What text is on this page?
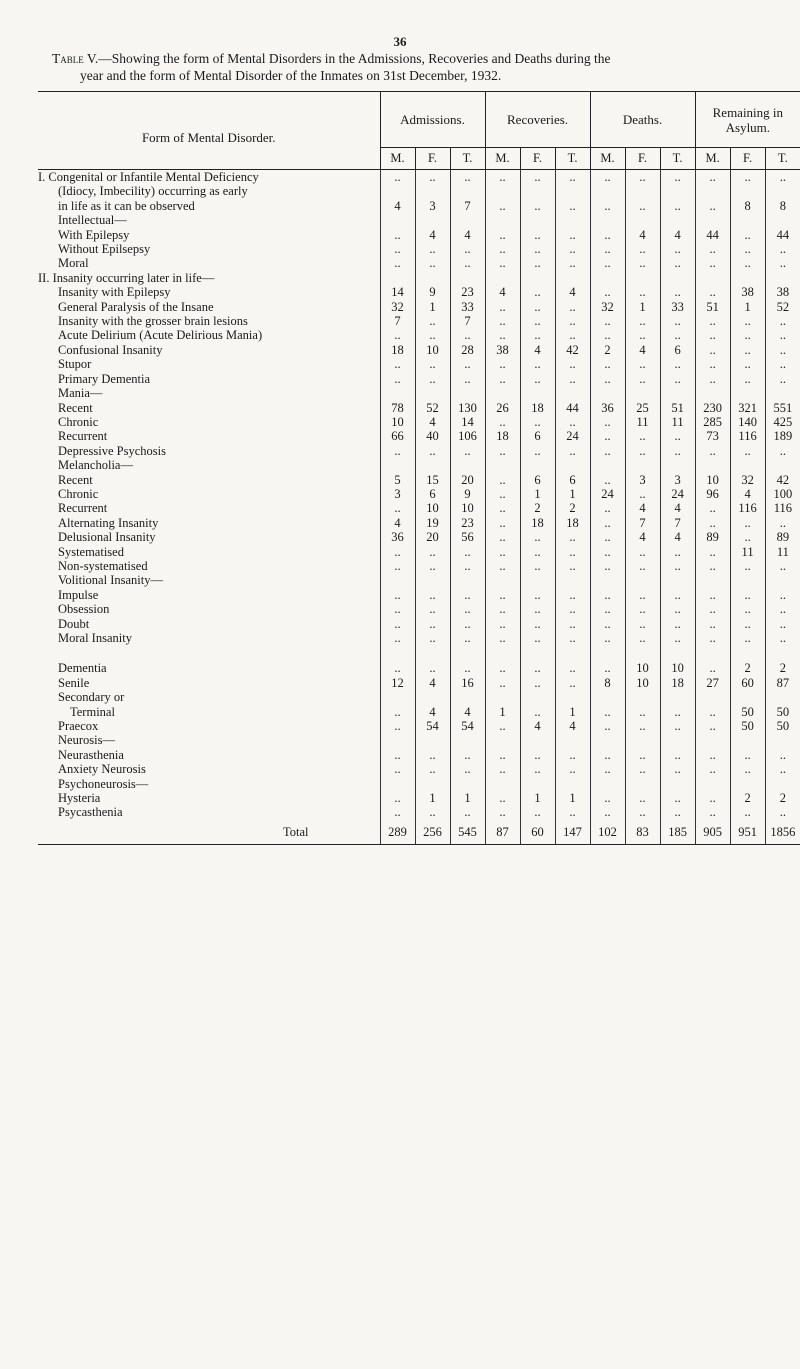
36
Table V.—Showing the form of Mental Disorders in the Admissions, Recoveries and Deaths during the
year and the form of Mental Disorder of the Inmates on 31st December, 1932.
Form of Mental Disorder.	Admissions.			Recoveries.			Deaths.			Remaining in Asylum.		
	M.	F.	T.	M.	F.	T.	M.	F.	T.	M.	F.	T.
I. Congenital or Infantile Mental Deficiency	..	..	..	..	..	..	..	..	..	..	..	..
(Idiocy, Imbecility) occurring as early												
in life as it can be observed	4	3	7	..	..	..	..	..	..	..	8	8
Intellectual—												
With Epilepsy	..	4	4	..	..	..	..	4	4	44	..	44
Without Epilsepsy	..	..	..	..	..	..	..	..	..	..	..	..
Moral	..	..	..	..	..	..	..	..	..	..	..	..
II. Insanity occurring later in life—												
Insanity with Epilepsy	14	9	23	4	..	4	..	..	..	..	38	38
General Paralysis of the Insane	32	1	33	..	..	..	32	1	33	51	1	52
Insanity with the grosser brain lesions	7	..	7	..	..	..	..	..	..	..	..	..
Acute Delirium (Acute Delirious Mania)	..	..	..	..	..	..	..	..	..	..	..	..
Confusional Insanity	18	10	28	38	4	42	2	4	6	..	..	..
Stupor	..	..	..	..	..	..	..	..	..	..	..	..
Primary Dementia	..	..	..	..	..	..	..	..	..	..	..	..
Mania—												
Recent	78	52	130	26	18	44	36	25	51	230	321	551
Chronic	10	4	14	..	..	..	..	11	11	285	140	425
Recurrent	66	40	106	18	6	24	..	..	..	73	116	189
Depressive Psychosis	..	..	..	..	..	..	..	..	..	..	..	..
Melancholia—												
Recent	5	15	20	..	6	6	..	3	3	10	32	42
Chronic	3	6	9	..	1	1	24	..	24	96	4	100
Recurrent	..	10	10	..	2	2	..	4	4	..	116	116
Alternating Insanity	4	19	23	..	18	18	..	7	7	..	..	..
Delusional Insanity	36	20	56	..	..	..	..	4	4	89	..	89
Systematised	..	..	..	..	..	..	..	..	..	..	11	11
Non-systematised	..	..	..	..	..	..	..	..	..	..	..	..
Volitional Insanity—												
Impulse	..	..	..	..	..	..	..	..	..	..	..	..
Obsession	..	..	..	..	..	..	..	..	..	..	..	..
Doubt	..	..	..	..	..	..	..	..	..	..	..	..
Moral Insanity	..	..	..	..	..	..	..	..	..	..	..	..

Dementia	..	..	..	..	..	..	..	10	10	..	2	2
Senile	12	4	16	..	..	..	8	10	18	27	60	87
Secondary or												
Terminal	..	4	4	1	..	1	..	..	..	..	50	50
Praecox	..	54	54	..	4	4	..	..	..	..	50	50
Neurosis—												
Neurasthenia	..	..	..	..	..	..	..	..	..	..	..	..
Anxiety Neurosis	..	..	..	..	..	..	..	..	..	..	..	..
Psychoneurosis—												
Hysteria	..	1	1	..	1	1	..	..	..	..	2	2
Psycasthenia	..	..	..	..	..	..	..	..	..	..	..	..
Total	289	256	545	87	60	147	102	83	185	905	951	1856
